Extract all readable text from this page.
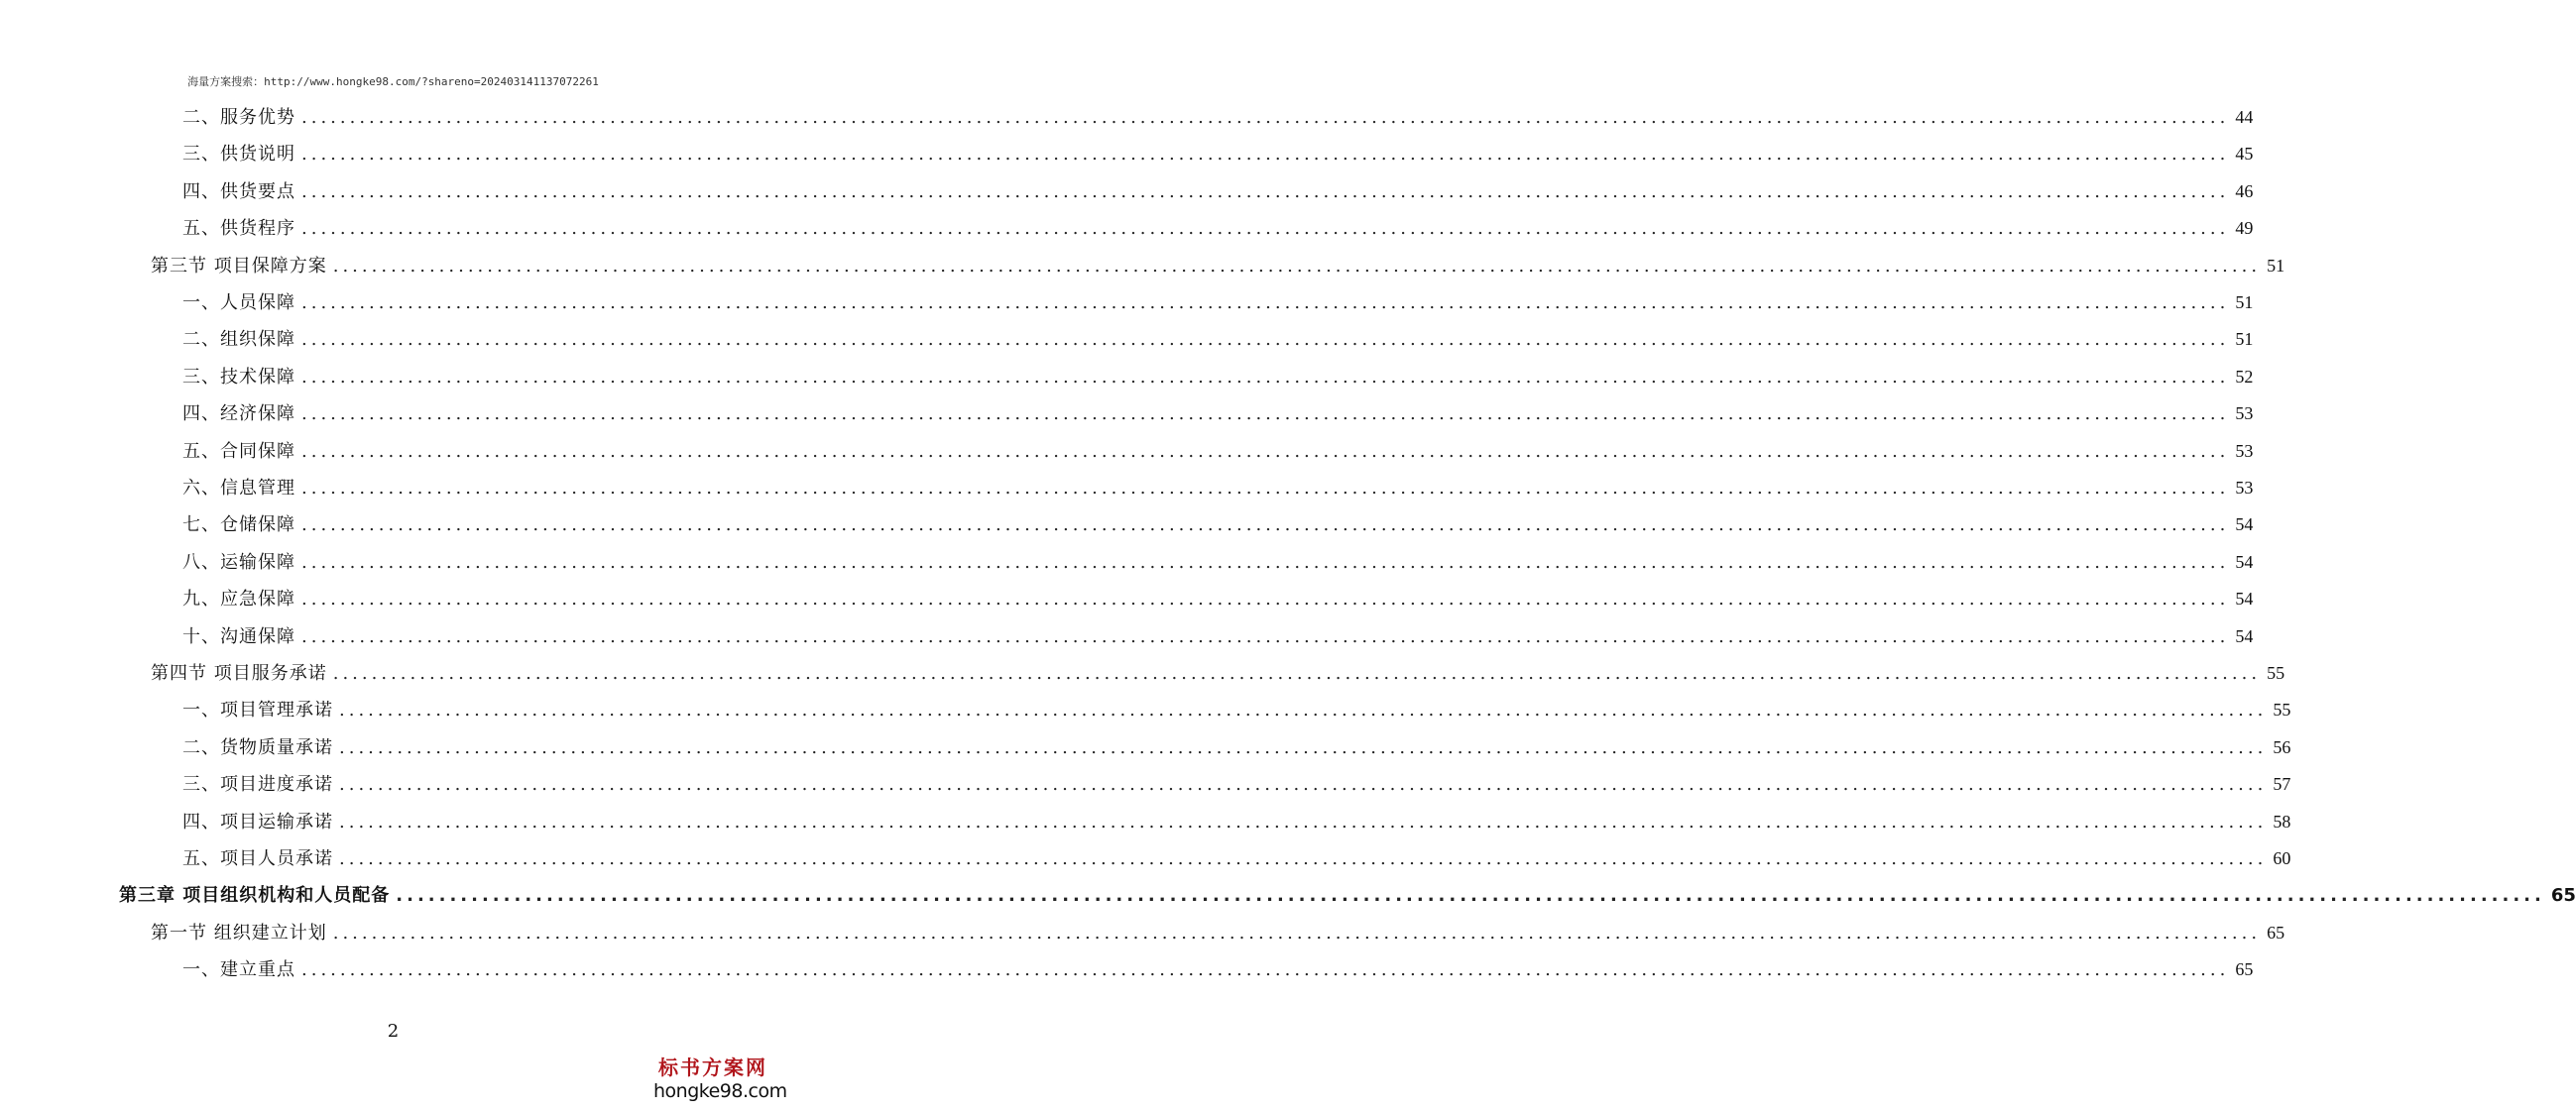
海量方案搜索：http://www.hongke98.com/?shareno=202403141137072261
二、服务优势 ........................................................................................................................................................................................................ 44
三、供货说明 ........................................................................................................................................................................................................ 45
四、供货要点 ........................................................................................................................................................................................................ 46
五、供货程序 ........................................................................................................................................................................................................ 49
第三节 项目保障方案 ........................................................................................................................................................................................................ 51
一、人员保障 ........................................................................................................................................................................................................ 51
二、组织保障 ........................................................................................................................................................................................................ 51
三、技术保障 ........................................................................................................................................................................................................ 52
四、经济保障 ........................................................................................................................................................................................................ 53
五、合同保障 ........................................................................................................................................................................................................ 53
六、信息管理 ........................................................................................................................................................................................................ 53
七、仓储保障 ........................................................................................................................................................................................................ 54
八、运输保障 ........................................................................................................................................................................................................ 54
九、应急保障 ........................................................................................................................................................................................................ 54
十、沟通保障 ........................................................................................................................................................................................................ 54
第四节 项目服务承诺 ........................................................................................................................................................................................................ 55
一、项目管理承诺 ........................................................................................................................................................................................................ 55
二、货物质量承诺 ........................................................................................................................................................................................................ 56
三、项目进度承诺 ........................................................................................................................................................................................................ 57
四、项目运输承诺 ........................................................................................................................................................................................................ 58
五、项目人员承诺 ........................................................................................................................................................................................................ 60
第三章 项目组织机构和人员配备 ........................................................................................................................................................................................................ 65
第一节 组织建立计划 ........................................................................................................................................................................................................ 65
一、建立重点 ........................................................................................................................................................................................................ 65
2
标书方案网
hongke98.com
